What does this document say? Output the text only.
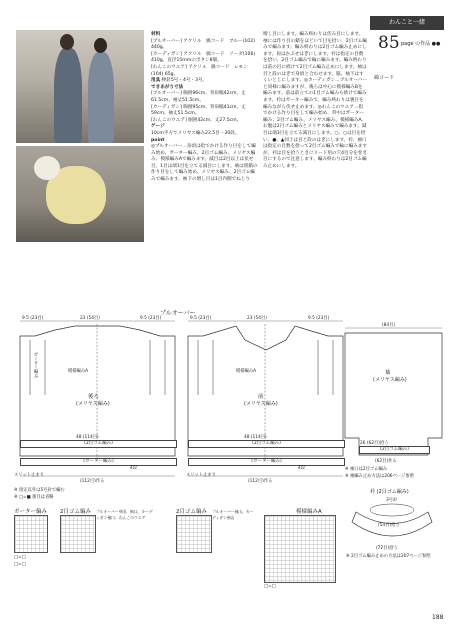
わんこと一緒
85 page の作品 ●●
綿コード

材料

[プルオーバー] アクリル　綿コード　ブルー(102) 440g。

[カーディガン] アクリル　綿コード　ソーダ(106) 410g。直径15mmのボタン8個。

[わんこのウエア] アクリル　綿コード　レモン(104) 65g。

用具 棒針5号・4号・3号。

できあがり寸法

[プルオーバー] 胸囲96cm、背肩幅42cm、丈61.5cm、袖丈51.5cm。

[カーディガン] 胸囲95cm、背肩幅41cm、丈59cm、袖丈51.5cm。

[わんこのウエア] 胴囲42cm、丈27.5cm。

ゲージ

10cm平方でメリヤス編み23.5目・30段。

point

◎プルオーバー…身頃は指でかける作り目をして編み始め、ガーター編み、2目ゴム編み、メリヤス編み、模様編みAで編みます。減目は2目以上は伏せ目、1目は端1目を立てる減目にします。袖は別鎖の作り目をして編み始め、メリヤス編み、2目ゴム編みで編みます。袖下の増し目は1目内側でねじり

増し目にします。編み終わりは伏み目にします。袖には作り目の鎖をほどいて目を拾い、2目ゴム編みで編みます。編み終わりは2目ゴム編み止めにします。肩はかぶせはぎにします。衿は指定の目数を拾い、2目ゴム編みで輪に編みます。編み終わりは前の目に続けて2目ゴム編み止めにします。袖は目と段のはぎで身頃と合わせます。脇、袖下はすくいとじにします。◎カーディガン…プルオーバーと同様に編みますが、後ろは中心に模様編みBを編みます。前は前立ての1目ゴム編みも続けて編みます。衿はガーター編みで、編み終わりは裏目を編みながら伏せ止めます。◎わんこのウエア…指でかける作り目をして編み始め、背中はガーター編み、2目ゴム編み、メリヤス編み、模様編みA、お腹は2目ゴム編みとメリヤス編みで編みます。減目は端3目を立てる減目にします。○、○は目を拾い、●、▲同士は目と段のはぎにします。衿、袖口は指定の目数を拾って2目ゴム編みで輪に編みますが、衿は目を拾うときにリード用の穴4目分を巻き目にするので注意します。編み終わりは2目ゴム編み止めにします。

プルオーバー
9.5 (23目)	23 (54目)	9.5 (23目)	9.5 (23目)	23 (54目)	9.5 (23目)
ガーター編み	模様編みA	模様編みA
後ろ
(メリヤス編み)
前
(メリヤス編み)
袖
(メリヤス編み)
(2目ゴム編み)	(2目ゴム編み)
(ガーター編み)	(ガーター編み)
4段	4段
48 (114目)	48 (114目)
(112目)作る	(112目)作る
スリット止まり	スリット止まり
(84目)
26 (62目)拾う
(2目ゴム編み)
(62目)作る
※ 袖口は2目ゴム編み
※ 袖編み止め方法は206ページ参照
衿 (2目ゴム編み)
3号針
(54目)拾う
(72目)拾う
※ 2目ゴム編み止めの方法は207ページ参照
※ 指定以外は5号針で編む
※ □=■ 裏目は省略
ガーター編み 2目ゴム編み プルオーバー身頃、袖口。カーディガン袖口、わんこのウエア
2目ゴム編み プルオーバー袖山、カーディガン袖山
模様編みA
□=□
□=□
□=□
188
